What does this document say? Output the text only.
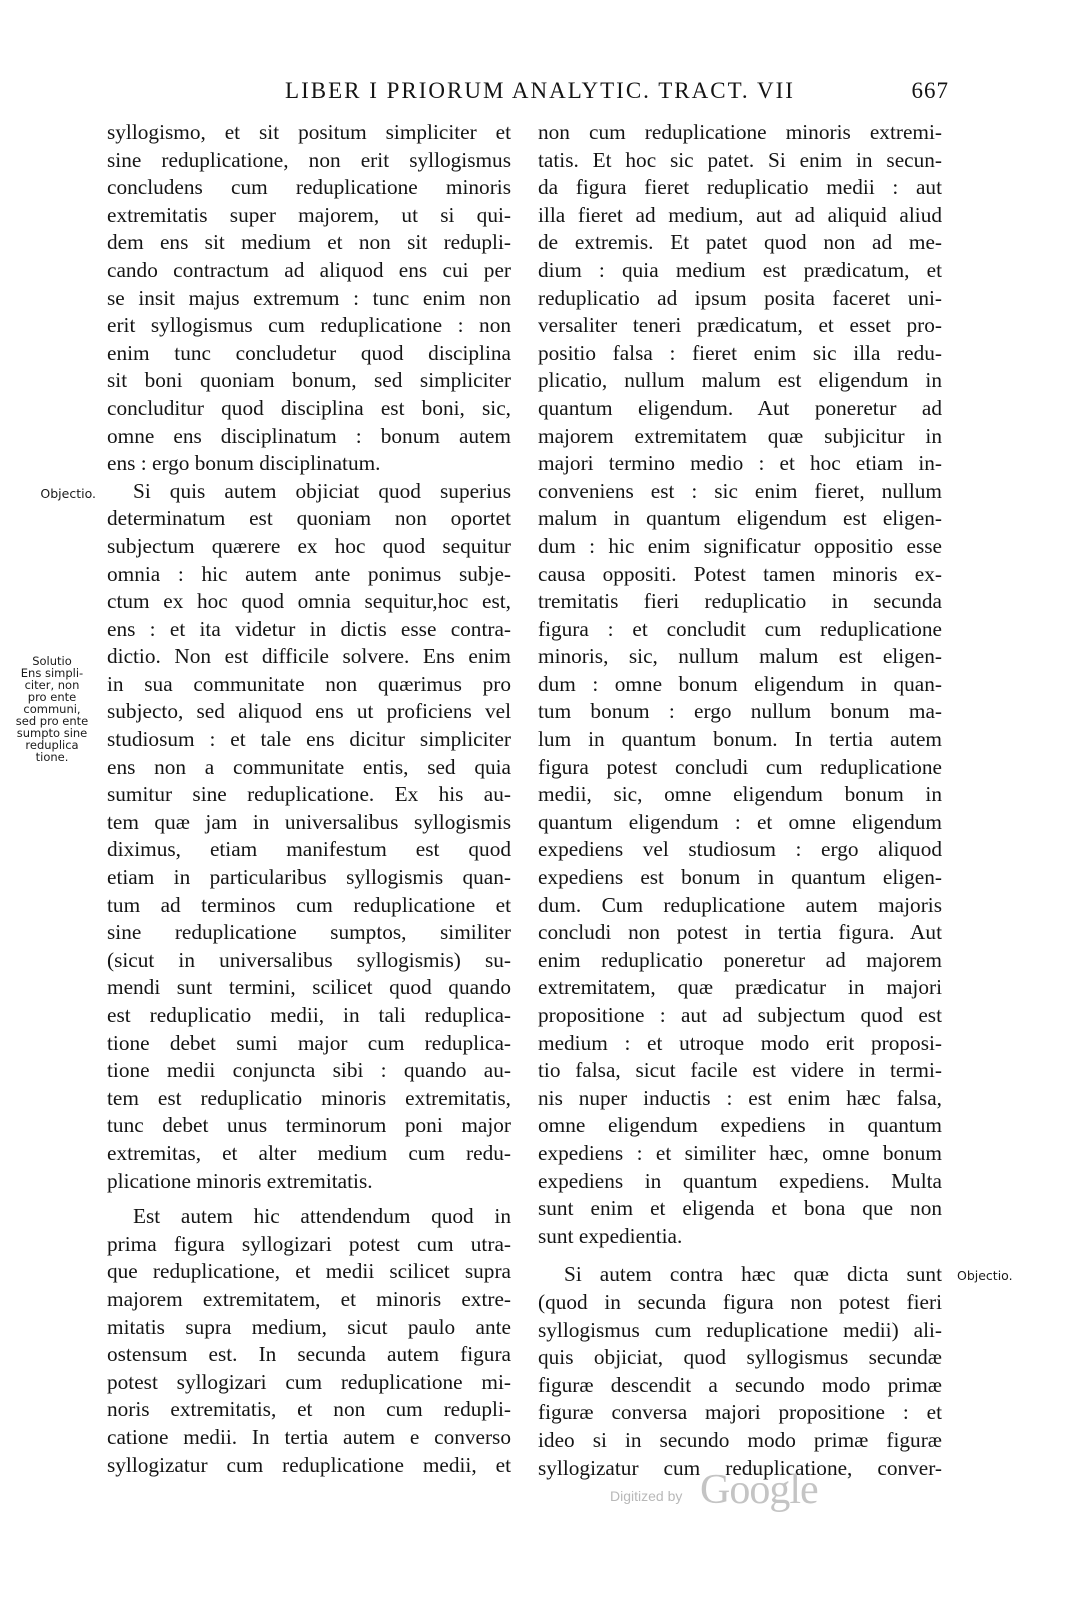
LIBER I PRIORUM ANALYTIC. TRACT. VII	667
syllogismo, et sit positum simpliciter et
sine reduplicatione, non erit syllogismus
concludens cum reduplicatione minoris
extremitatis super majorem, ut si qui-
dem ens sit medium et non sit redupli-
cando contractum ad aliquod ens cui per
se insit majus extremum : tunc enim non
erit syllogismus cum reduplicatione : non
enim tunc concludetur quod disciplina
sit boni quoniam bonum, sed simpliciter
concluditur quod disciplina est boni, sic,
omne ens disciplinatum : bonum autem
ens : ergo bonum disciplinatum.
Si quis autem objiciat quod superius
determinatum est quoniam non oportet
subjectum quærere ex hoc quod sequitur
omnia : hic autem ante ponimus subje-
ctum ex hoc quod omnia sequitur,hoc est,
ens : et ita videtur in dictis esse contra-
dictio. Non est difficile solvere. Ens enim
in sua communitate non quærimus pro
subjecto, sed aliquod ens ut proficiens vel
studiosum : et tale ens dicitur simpliciter
ens non a communitate entis, sed quia
sumitur sine reduplicatione. Ex his au-
tem quæ jam in universalibus syllogismis
diximus, etiam manifestum est quod
etiam in particularibus syllogismis quan-
tum ad terminos cum reduplicatione et
sine reduplicatione sumptos, similiter
(sicut in universalibus syllogismis) su-
mendi sunt termini, scilicet quod quando
est reduplicatio medii, in tali reduplica-
tione debet sumi major cum reduplica-
tione medii conjuncta sibi : quando au-
tem est reduplicatio minoris extremitatis,
tunc debet unus terminorum poni major
extremitas, et alter medium cum redu-
plicatione minoris extremitatis.
Est autem hic attendendum quod in
prima figura syllogizari potest cum utra-
que reduplicatione, et medii scilicet supra
majorem extremitatem, et minoris extre-
mitatis supra medium, sicut paulo ante
ostensum est. In secunda autem figura
potest syllogizari cum reduplicatione mi-
noris extremitatis, et non cum redupli-
catione medii. In tertia autem e converso
syllogizatur cum reduplicatione medii, et
non cum reduplicatione minoris extremi-
tatis. Et hoc sic patet. Si enim in secun-
da figura fieret reduplicatio medii : aut
illa fieret ad medium, aut ad aliquid aliud
de extremis. Et patet quod non ad me-
dium : quia medium est prædicatum, et
reduplicatio ad ipsum posita faceret uni-
versaliter teneri prædicatum, et esset pro-
positio falsa : fieret enim sic illa redu-
plicatio, nullum malum est eligendum in
quantum eligendum. Aut poneretur ad
majorem extremitatem quæ subjicitur in
majori termino medio : et hoc etiam in-
conveniens est : sic enim fieret, nullum
malum in quantum eligendum est eligen-
dum : hic enim significatur oppositio esse
causa oppositi. Potest tamen minoris ex-
tremitatis fieri reduplicatio in secunda
figura : et concludit cum reduplicatione
minoris, sic, nullum malum est eligen-
dum : omne bonum eligendum in quan-
tum bonum : ergo nullum bonum ma-
lum in quantum bonum. In tertia autem
figura potest concludi cum reduplicatione
medii, sic, omne eligendum bonum in
quantum eligendum : et omne eligendum
expediens vel studiosum : ergo aliquod
expediens est bonum in quantum eligen-
dum. Cum reduplicatione autem majoris
concludi non potest in tertia figura. Aut
enim reduplicatio poneretur ad majorem
extremitatem, quæ prædicatur in majori
propositione : aut ad subjectum quod est
medium : et utroque modo erit proposi-
tio falsa, sicut facile est videre in termi-
nis nuper inductis : est enim hæc falsa,
omne eligendum expediens in quantum
expediens : et similiter hæc, omne bonum
expediens in quantum expediens. Multa
sunt enim et eligenda et bona que non
sunt expedientia.
Si autem contra hæc quæ dicta sunt
(quod in secunda figura non potest fieri
syllogismus cum reduplicatione medii) ali-
quis objiciat, quod syllogismus secundæ
figuræ descendit a secundo modo primæ
figuræ conversa majori propositione : et
ideo si in secundo modo primæ figuræ
syllogizatur cum reduplicatione, conver-
Objectio.
Solutio
Ens simpli-
citer, non
pro ente
communi,
sed pro ente
sumpto sine
reduplica
tione.
Objectio.
Digitized by Google
